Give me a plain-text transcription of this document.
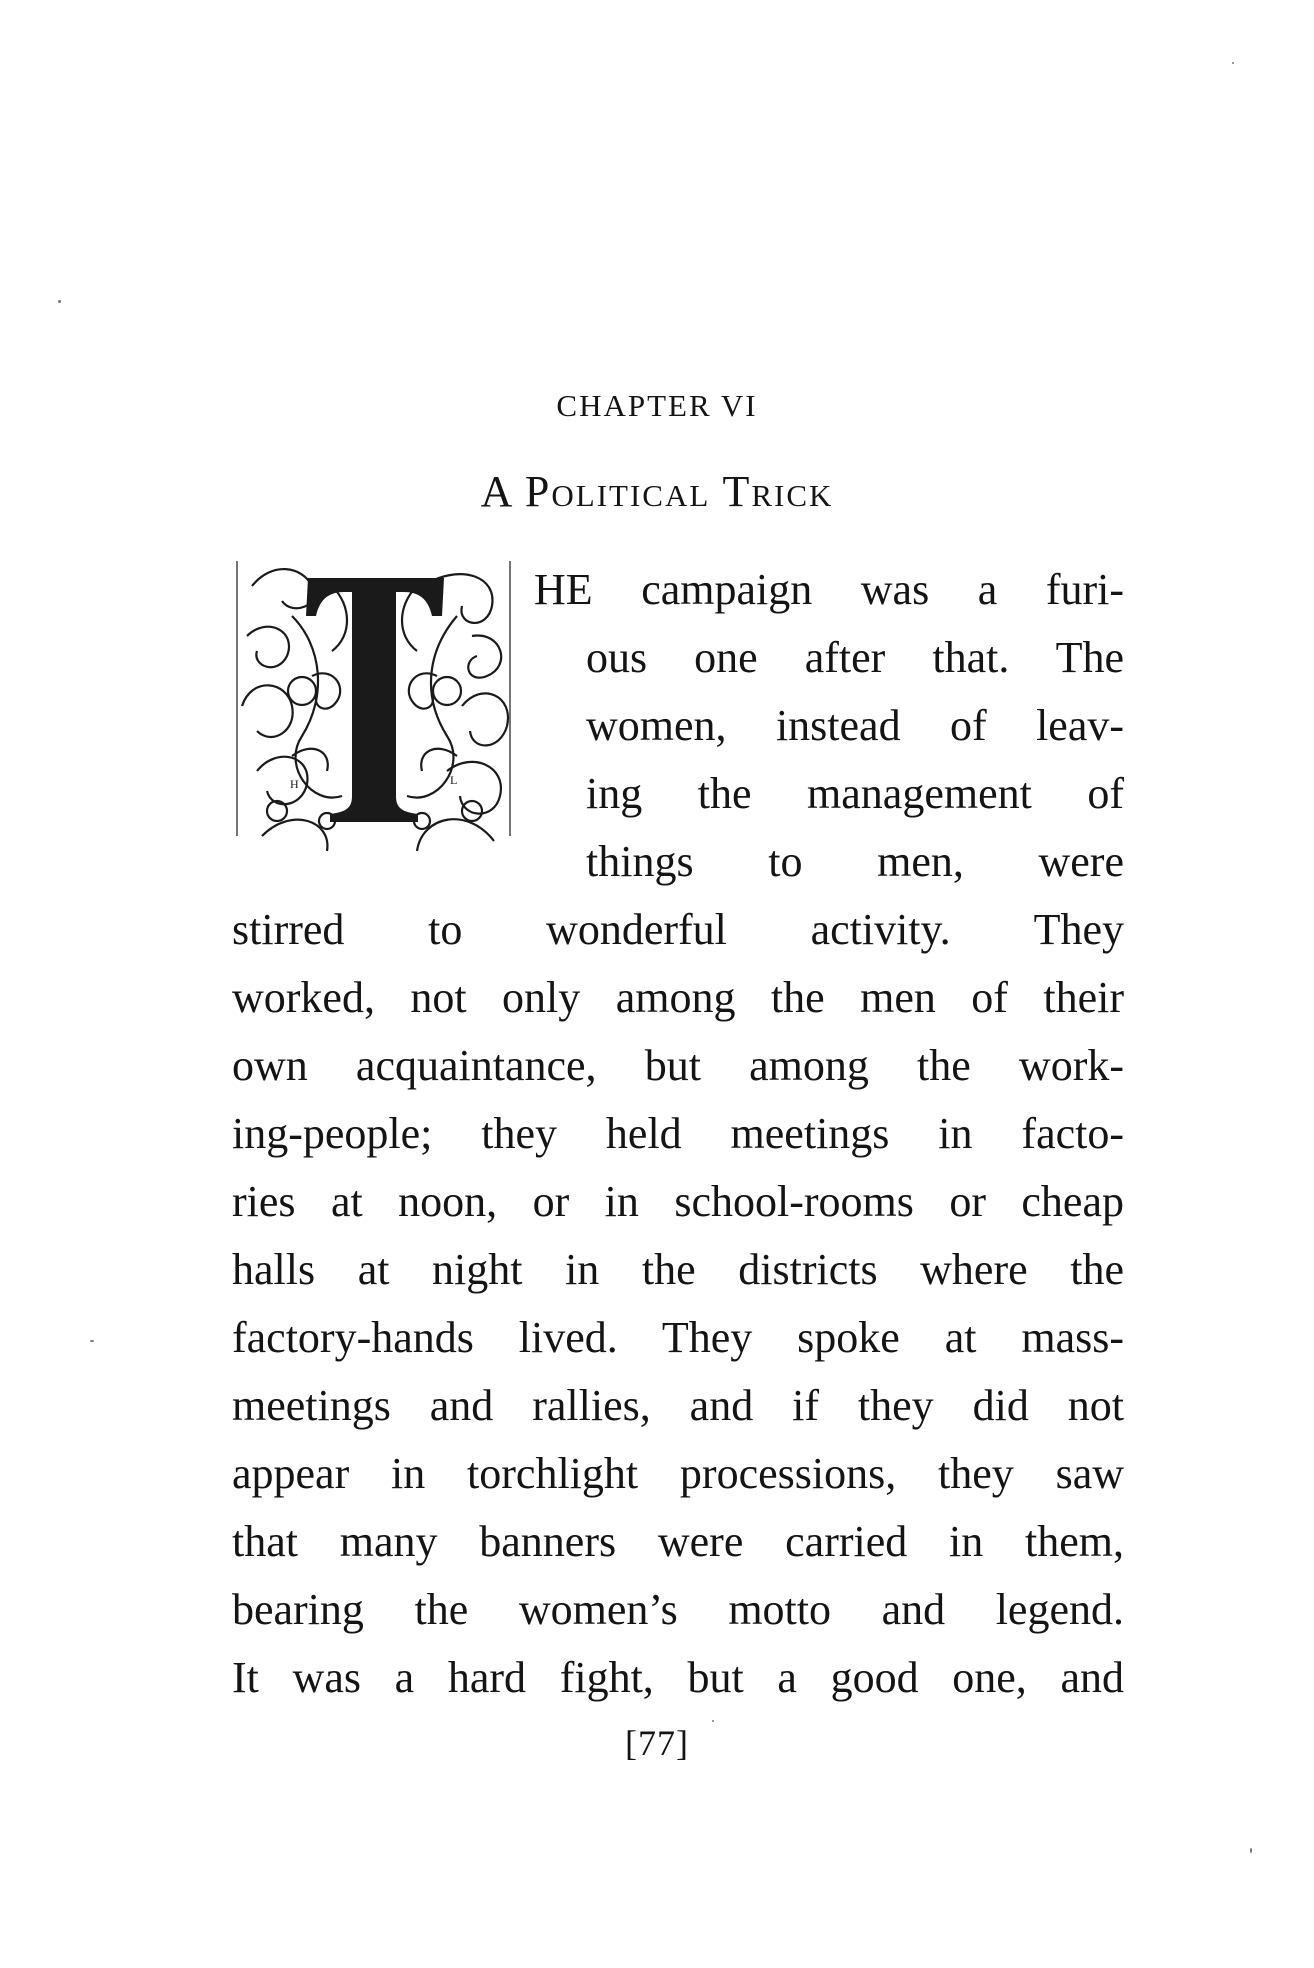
CHAPTER VI
A Political Trick
H	L
HE campaign was a furi-
ous one after that. The
women, instead of leav-
ing the management of
things to men, were
stirred to wonderful activity. They
worked, not only among the men of their
own acquaintance, but among the work-
ing-people; they held meetings in facto-
ries at noon, or in school-rooms or cheap
halls at night in the districts where the
factory-hands lived. They spoke at mass-
meetings and rallies, and if they did not
appear in torchlight processions, they saw
that many banners were carried in them,
bearing the women’s motto and legend.
It was a hard fight, but a good one, and
[77]
